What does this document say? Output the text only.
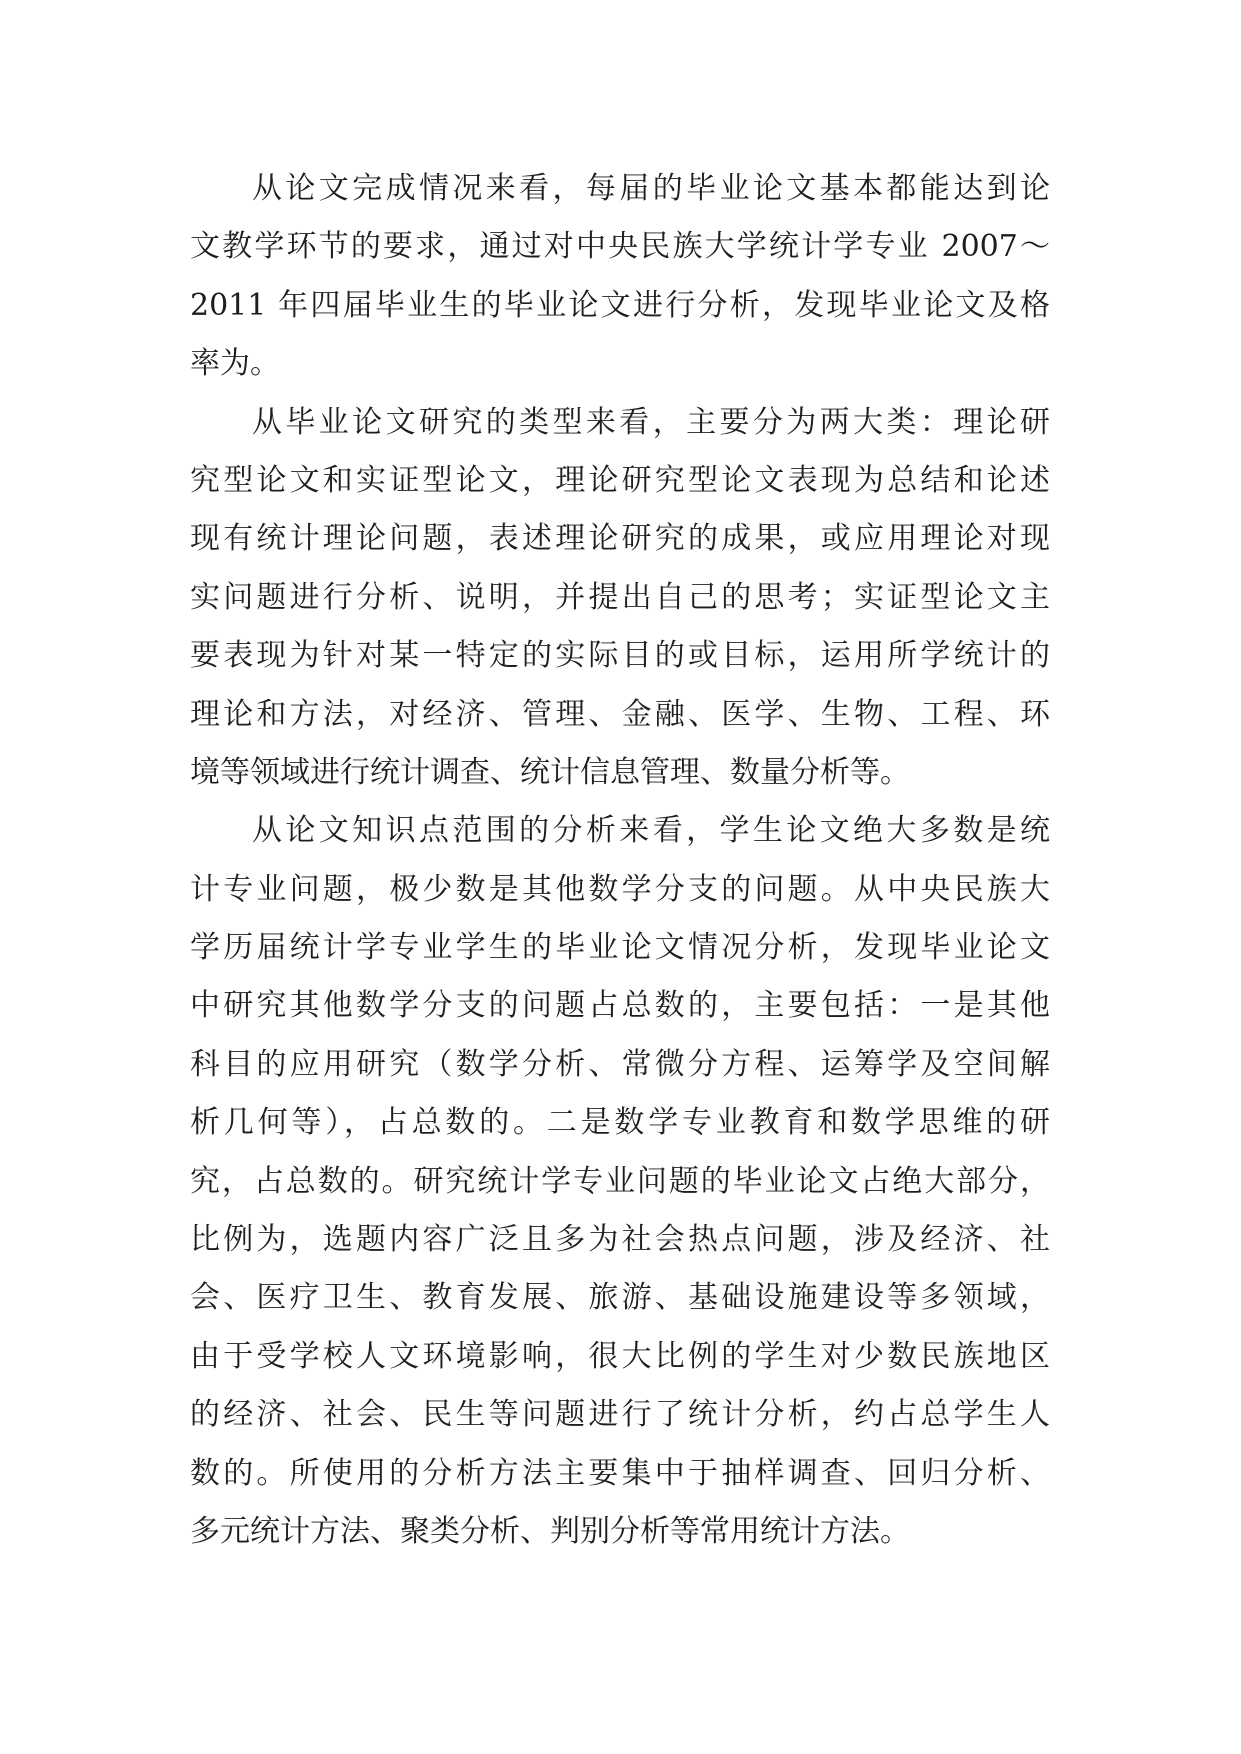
从论文完成情况来看，每届的毕业论文基本都能达到论
文教学环节的要求，通过对中央民族大学统计学专业 2007～
2011 年四届毕业生的毕业论文进行分析，发现毕业论文及格
率为。
从毕业论文研究的类型来看，主要分为两大类：理论研
究型论文和实证型论文，理论研究型论文表现为总结和论述
现有统计理论问题，表述理论研究的成果，或应用理论对现
实问题进行分析、说明，并提出自己的思考；实证型论文主
要表现为针对某一特定的实际目的或目标，运用所学统计的
理论和方法，对经济、管理、金融、医学、生物、工程、环
境等领域进行统计调查、统计信息管理、数量分析等。
从论文知识点范围的分析来看，学生论文绝大多数是统
计专业问题，极少数是其他数学分支的问题。从中央民族大
学历届统计学专业学生的毕业论文情况分析，发现毕业论文
中研究其他数学分支的问题占总数的，主要包括：一是其他
科目的应用研究（数学分析、常微分方程、运筹学及空间解
析几何等），占总数的。二是数学专业教育和数学思维的研
究，占总数的。研究统计学专业问题的毕业论文占绝大部分，
比例为，选题内容广泛且多为社会热点问题，涉及经济、社
会、医疗卫生、教育发展、旅游、基础设施建设等多领域，
由于受学校人文环境影响，很大比例的学生对少数民族地区
的经济、社会、民生等问题进行了统计分析，约占总学生人
数的。所使用的分析方法主要集中于抽样调查、回归分析、
多元统计方法、聚类分析、判别分析等常用统计方法。
